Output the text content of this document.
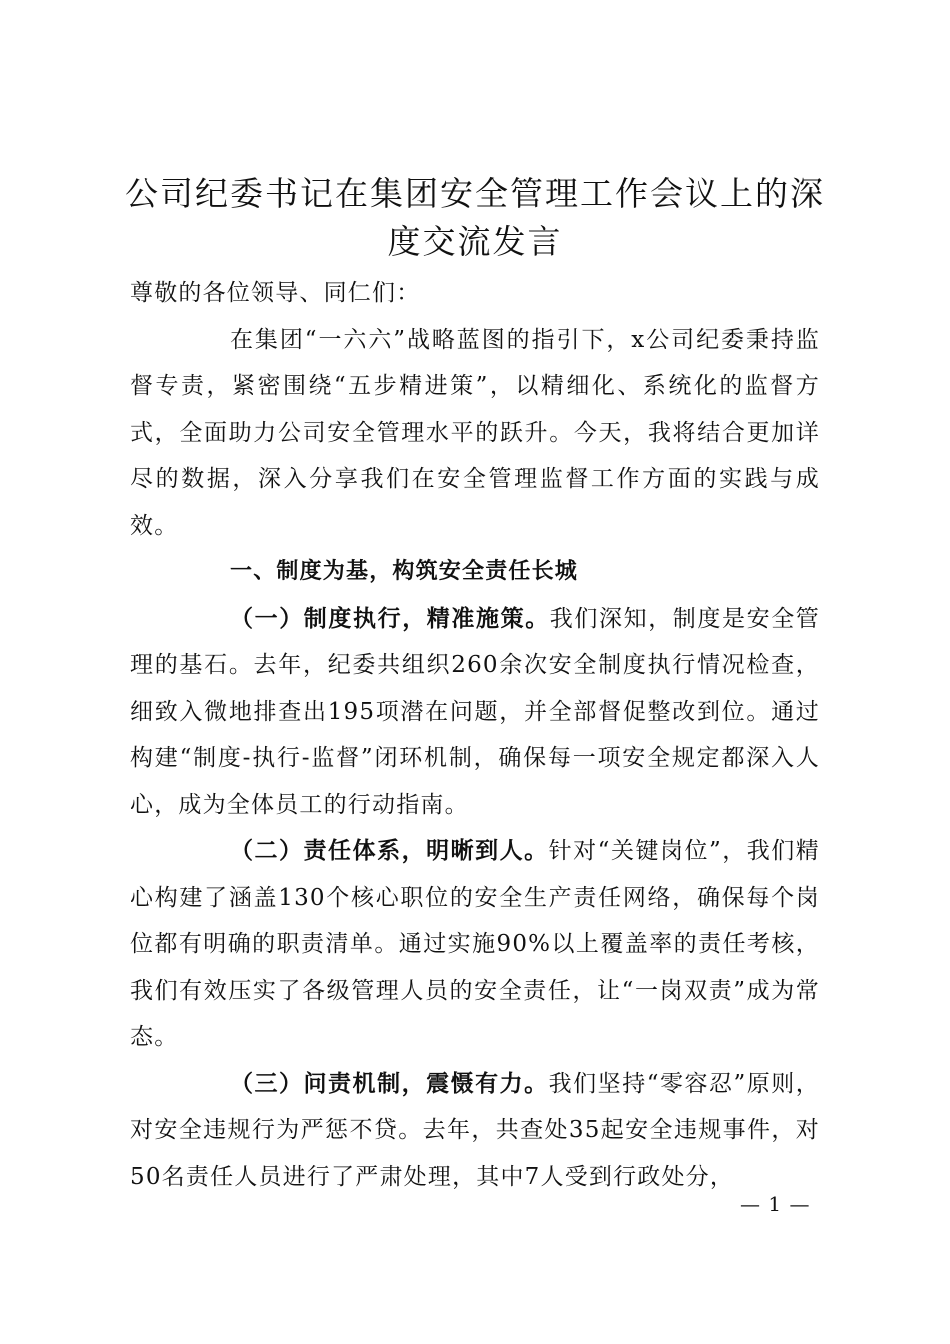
公司纪委书记在集团安全管理工作会议上的深
度交流发言

尊敬的各位领导、同仁们：

在集团“一六六”战略蓝图的指引下，x公司纪委秉持监督专责，紧密围绕“五步精进策”，以精细化、系统化的监督方式，全面助力公司安全管理水平的跃升。今天，我将结合更加详尽的数据，深入分享我们在安全管理监督工作方面的实践与成效。

一、制度为基，构筑安全责任长城

（一）制度执行，精准施策。我们深知，制度是安全管理的基石。去年，纪委共组织260余次安全制度执行情况检查，细致入微地排查出195项潜在问题，并全部督促整改到位。通过构建“制度-执行-监督”闭环机制，确保每一项安全规定都深入人心，成为全体员工的行动指南。

（二）责任体系，明晰到人。针对“关键岗位”，我们精心构建了涵盖130个核心职位的安全生产责任网络，确保每个岗位都有明确的职责清单。通过实施90%以上覆盖率的责任考核，我们有效压实了各级管理人员的安全责任，让“一岗双责”成为常态。

（三）问责机制，震慑有力。我们坚持“零容忍”原则，对安全违规行为严惩不贷。去年，共查处35起安全违规事件，对50名责任人员进行了严肃处理，其中7人受到行政处分，

— 1 —
